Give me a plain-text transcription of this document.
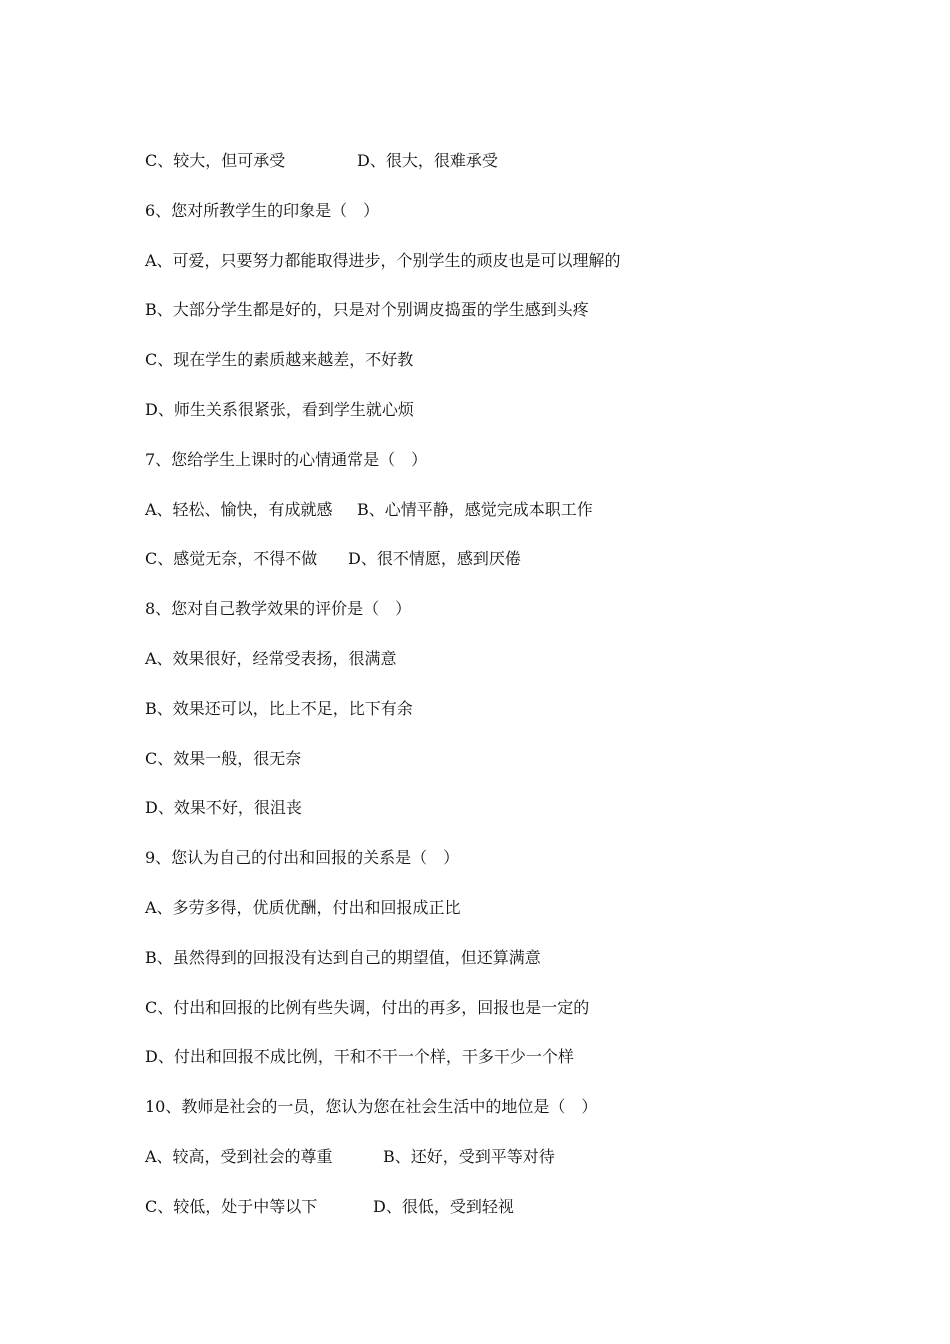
C、较大，但可承受	D、很大，很难承受
6、您对所教学生的印象是（　）
A、可爱，只要努力都能取得进步，个别学生的顽皮也是可以理解的
B、大部分学生都是好的，只是对个别调皮捣蛋的学生感到头疼
C、现在学生的素质越来越差，不好教
D、师生关系很紧张，看到学生就心烦
7、您给学生上课时的心情通常是（　）
A、轻松、愉快，有成就感 B、心情平静，感觉完成本职工作
C、感觉无奈，不得不做 D、很不情愿，感到厌倦
8、您对自己教学效果的评价是（　）
A、效果很好，经常受表扬，很满意
B、效果还可以，比上不足，比下有余
C、效果一般，很无奈
D、效果不好，很沮丧
9、您认为自己的付出和回报的关系是（　）
A、多劳多得，优质优酬，付出和回报成正比
B、虽然得到的回报没有达到自己的期望值，但还算满意
C、付出和回报的比例有些失调，付出的再多，回报也是一定的
D、付出和回报不成比例，干和不干一个样，干多干少一个样
10、教师是社会的一员，您认为您在社会生活中的地位是（　）
A、较高，受到社会的尊重	B、还好，受到平等对待
C、较低，处于中等以下	D、很低，受到轻视
